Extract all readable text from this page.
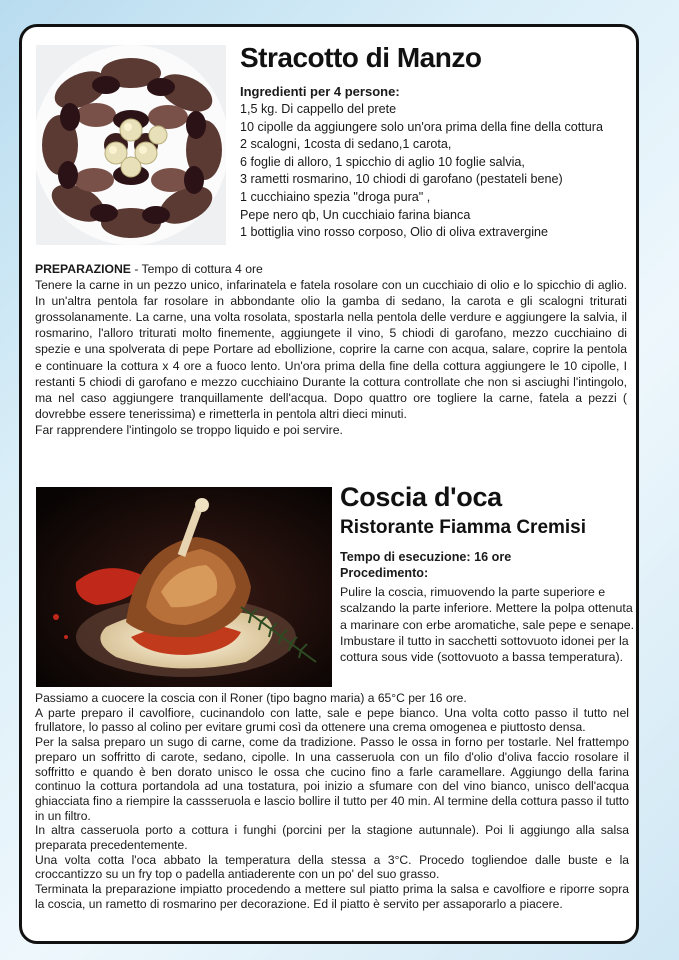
Stracotto di Manzo
Ingredienti per 4 persone:
1,5 kg. Di cappello del prete
10 cipolle da aggiungere solo un'ora prima della fine della cottura
2 scalogni, 1costa di sedano,1 carota,
6 foglie di alloro, 1 spicchio di aglio 10 foglie salvia,
3 rametti rosmarino, 10 chiodi di garofano (pestateli bene)
1 cucchiaino spezia "droga pura" ,
Pepe nero qb, Un cucchiaio farina bianca
1 bottiglia vino rosso corposo, Olio di oliva extravergine
PREPARAZIONE - Tempo di cottura 4 ore
Tenere la carne in un pezzo unico, infarinatela e fatela rosolare con un cucchiaio di olio e lo spicchio di aglio. In un'altra pentola far rosolare in abbondante olio la gamba di sedano, la carota e gli scalogni triturati grossolanamente. La carne, una volta rosolata, spostarla nella pentola delle verdure e aggiungere la salvia, il rosmarino, l'alloro triturati molto finemente, aggiungete il vino, 5 chiodi di garofano, mezzo cucchiaino di spezie e una spolverata di pepe Portare ad ebollizione, coprire la carne con acqua, salare, coprire la pentola e continuare la cottura x 4 ore a fuoco lento. Un'ora prima della fine della cottura aggiungere le 10 cipolle, I restanti 5 chiodi di garofano e mezzo cucchiaino Durante la cottura controllate che non si asciughi l'intingolo, ma nel caso aggiungere tranquillamente dell'acqua. Dopo quattro ore togliere la carne, fatela a pezzi ( dovrebbe essere tenerissima) e rimetterla in pentola altri dieci minuti.
Far rapprendere l'intingolo se troppo liquido e poi servire.
Coscia d'oca
Ristorante Fiamma Cremisi
Tempo di esecuzione: 16 ore
Procedimento:

Pulire la coscia, rimuovendo la parte superiore e scalzando la parte inferiore. Mettere la polpa ottenuta a marinare con erbe aromatiche, sale pepe e senape. Imbustare il tutto in sacchetti sottovuoto idonei per la cottura sous vide (sottovuoto a bassa temperatura).

Passiamo a cuocere la coscia con il Roner (tipo bagno maria) a 65°C per 16 ore.

A parte preparo il cavolfiore, cucinandolo con latte, sale e pepe bianco. Una volta cotto passo il tutto nel frullatore, lo passo al colino per evitare grumi così da ottenere una crema omogenea e piuttosto densa.

Per la salsa preparo un sugo di carne, come da tradizione. Passo le ossa in forno per tostarle. Nel frattempo preparo un soffritto di carote, sedano, cipolle. In una casseruola con un filo d'olio d'oliva faccio rosolare il soffritto e quando è ben dorato unisco le ossa che cucino fino a farle caramellare. Aggiungo della farina continuo la cottura portandola ad una tostatura, poi inizio a sfumare con del vino bianco, unisco dell'acqua ghiacciata fino a riempire la cassseruola e lascio bollire il tutto per 40 min. Al termine della cottura passo il tutto in un filtro.

In altra casseruola porto a cottura i funghi (porcini per la stagione autunnale). Poi li aggiungo alla salsa preparata precedentemente.

Una volta cotta l'oca abbato la temperatura della stessa a 3°C. Procedo togliendoe dalle buste e la croccantizzo su un fry top o padella antiaderente con un po' del suo grasso.

Terminata la preparazione impiatto procedendo a mettere sul piatto prima la salsa e cavolfiore e riporre sopra la coscia, un rametto di rosmarino per decorazione. Ed il piatto è servito per assaporarlo a piacere.
